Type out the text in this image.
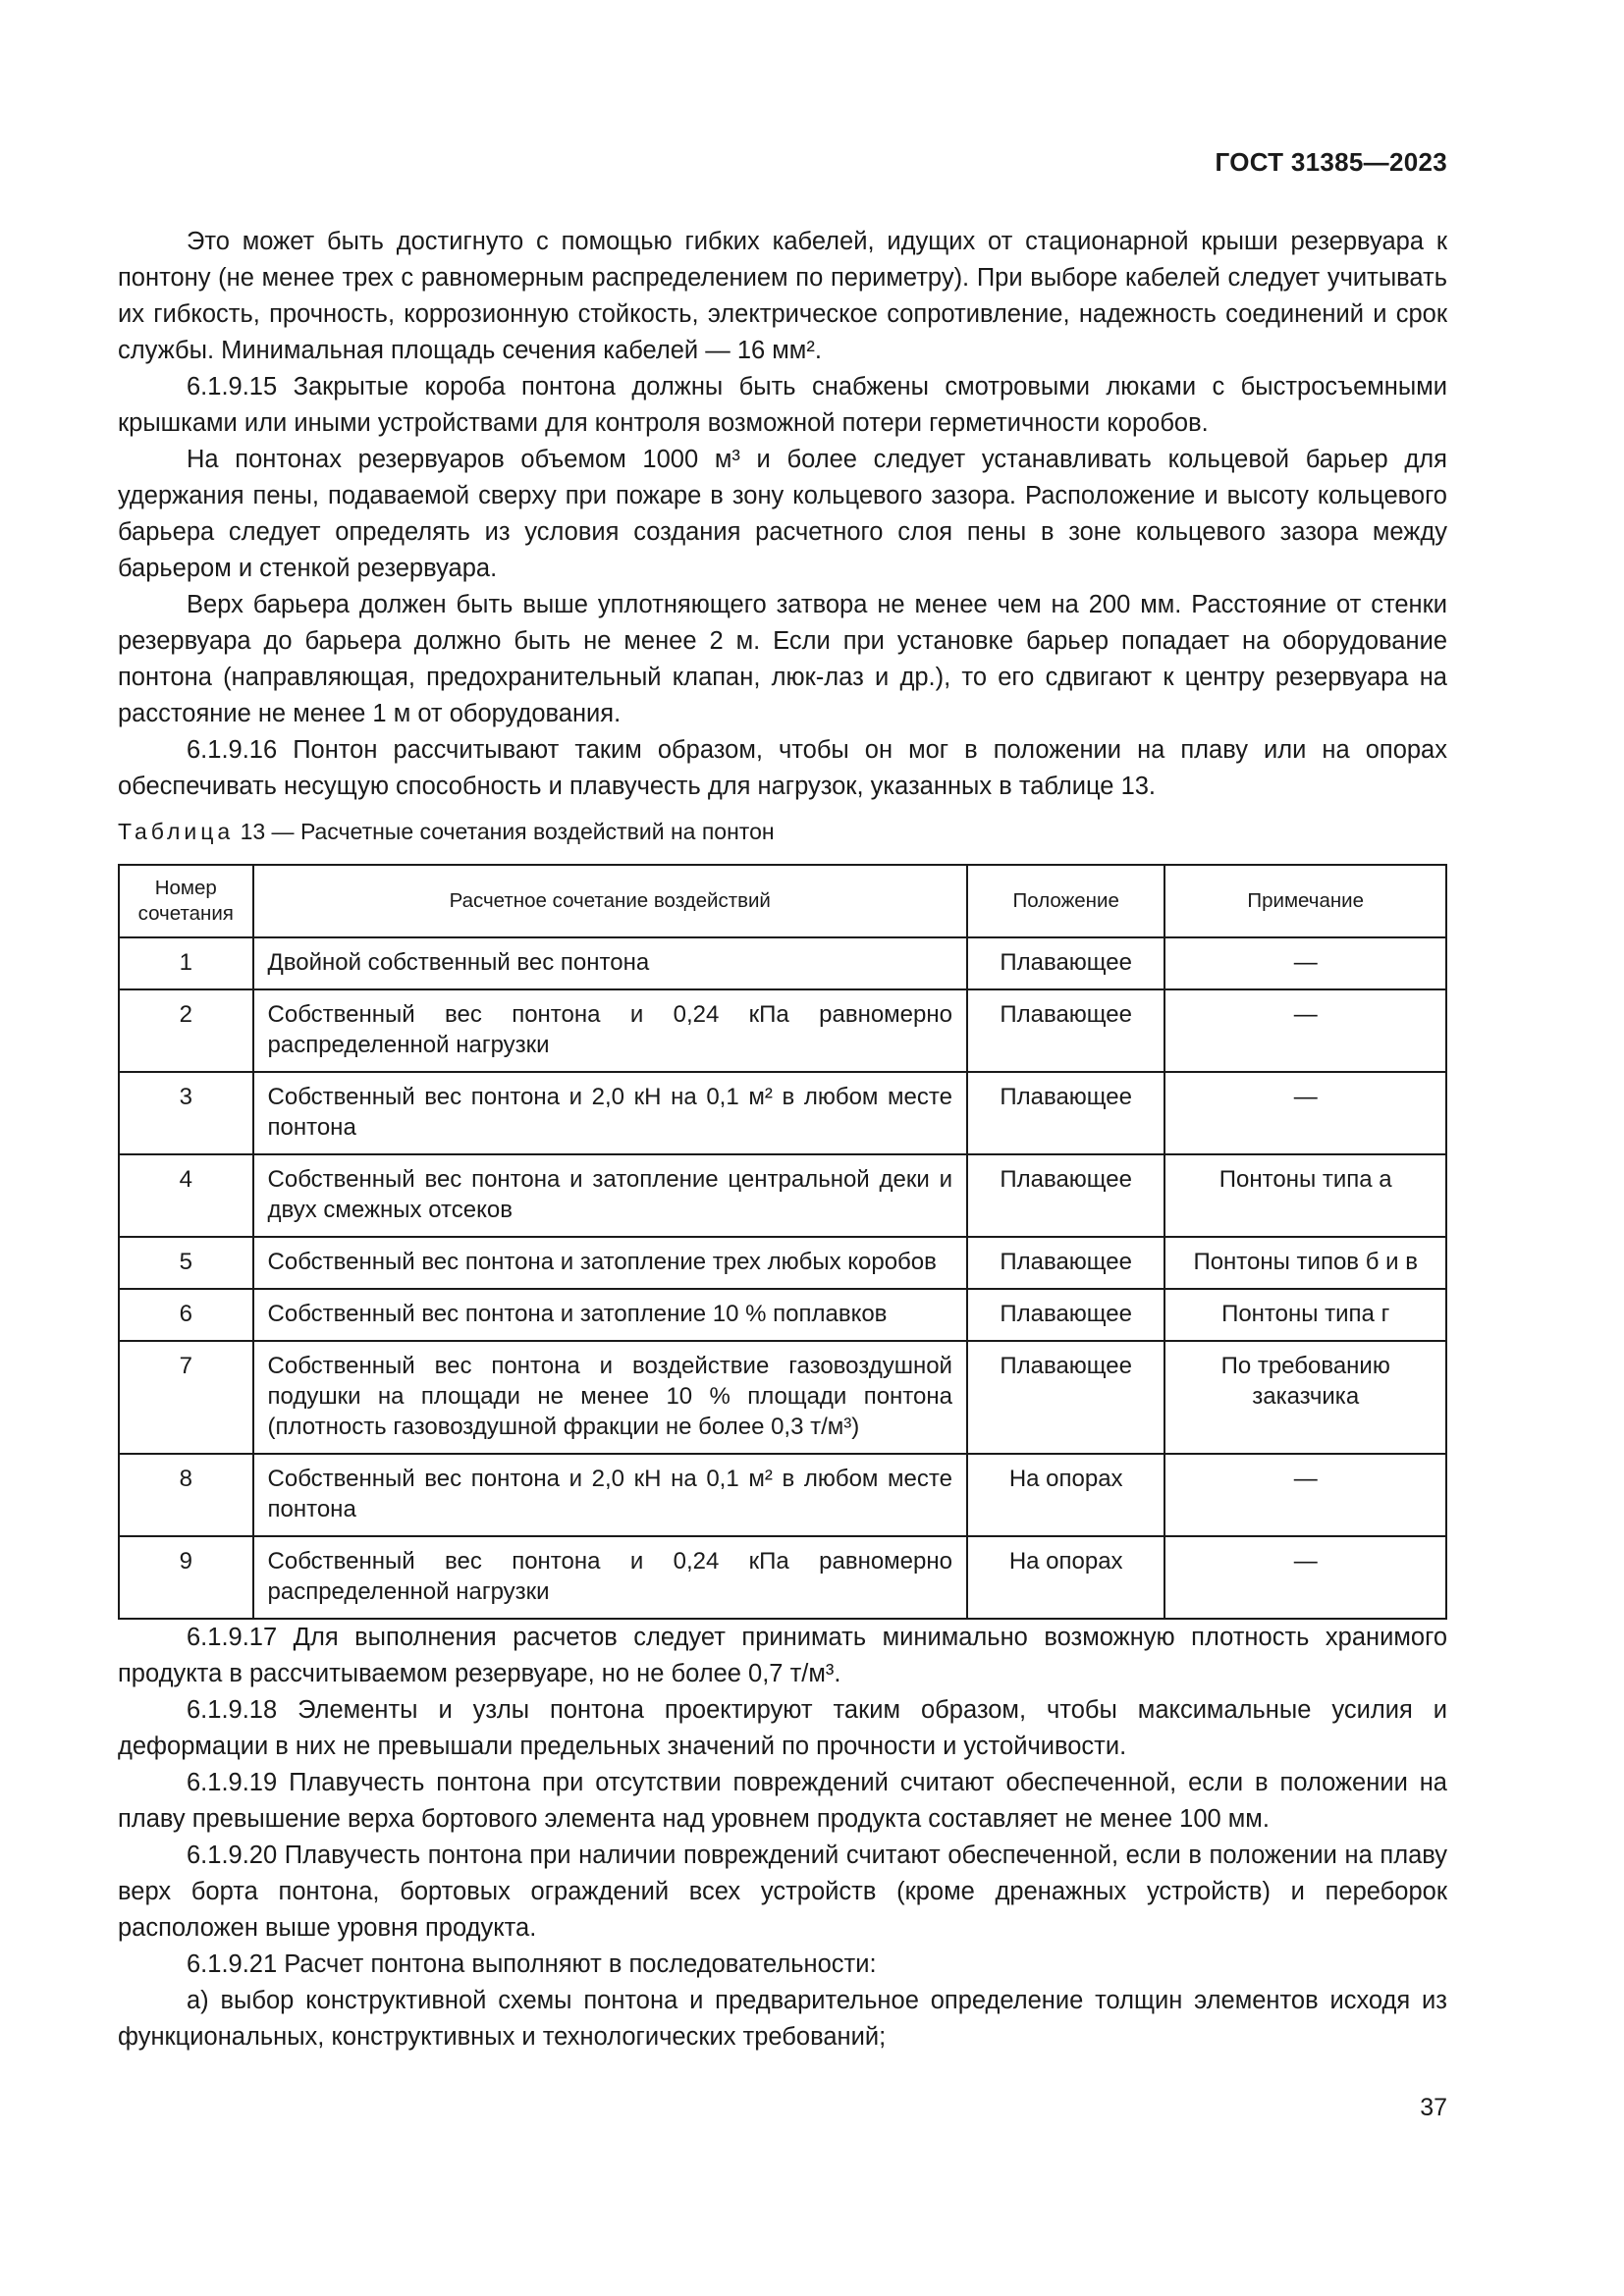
ГОСТ 31385—2023

Это может быть достигнуто с помощью гибких кабелей, идущих от стационарной крыши резервуара к понтону (не менее трех с равномерным распределением по периметру). При выборе кабелей следует учитывать их гибкость, прочность, коррозионную стойкость, электрическое сопротивление, надежность соединений и срок службы. Минимальная площадь сечения кабелей — 16 мм².

6.1.9.15 Закрытые короба понтона должны быть снабжены смотровыми люками с быстросъемными крышками или иными устройствами для контроля возможной потери герметичности коробов.

На понтонах резервуаров объемом 1000 м³ и более следует устанавливать кольцевой барьер для удержания пены, подаваемой сверху при пожаре в зону кольцевого зазора. Расположение и высоту кольцевого барьера следует определять из условия создания расчетного слоя пены в зоне кольцевого зазора между барьером и стенкой резервуара.

Верх барьера должен быть выше уплотняющего затвора не менее чем на 200 мм. Расстояние от стенки резервуара до барьера должно быть не менее 2 м. Если при установке барьер попадает на оборудование понтона (направляющая, предохранительный клапан, люк-лаз и др.), то его сдвигают к центру резервуара на расстояние не менее 1 м от оборудования.

6.1.9.16 Понтон рассчитывают таким образом, чтобы он мог в положении на плаву или на опорах обеспечивать несущую способность и плавучесть для нагрузок, указанных в таблице 13.

Таблица 13 — Расчетные сочетания воздействий на понтон
Номер сочетания	Расчетное сочетание воздействий	Положение	Примечание
1	Двойной собственный вес понтона	Плавающее	—
2	Собственный вес понтона и 0,24 кПа равномерно распределенной нагрузки	Плавающее	—
3	Собственный вес понтона и 2,0 кН на 0,1 м² в любом месте понтона	Плавающее	—
4	Собственный вес понтона и затопление центральной деки и двух смежных отсеков	Плавающее	Понтоны типа а
5	Собственный вес понтона и затопление трех любых коробов	Плавающее	Понтоны типов б и в
6	Собственный вес понтона и затопление 10 % поплавков	Плавающее	Понтоны типа г
7	Собственный вес понтона и воздействие газовоздушной подушки на площади не менее 10 % площади понтона (плотность газовоздушной фракции не более 0,3 т/м³)	Плавающее	По требованию заказчика
8	Собственный вес понтона и 2,0 кН на 0,1 м² в любом месте понтона	На опорах	—
9	Собственный вес понтона и 0,24 кПа равномерно распределенной нагрузки	На опорах	—

6.1.9.17 Для выполнения расчетов следует принимать минимально возможную плотность хранимого продукта в рассчитываемом резервуаре, но не более 0,7 т/м³.

6.1.9.18 Элементы и узлы понтона проектируют таким образом, чтобы максимальные усилия и деформации в них не превышали предельных значений по прочности и устойчивости.

6.1.9.19 Плавучесть понтона при отсутствии повреждений считают обеспеченной, если в положении на плаву превышение верха бортового элемента над уровнем продукта составляет не менее 100 мм.

6.1.9.20 Плавучесть понтона при наличии повреждений считают обеспеченной, если в положении на плаву верх борта понтона, бортовых ограждений всех устройств (кроме дренажных устройств) и переборок расположен выше уровня продукта.

6.1.9.21 Расчет понтона выполняют в последовательности:

а) выбор конструктивной схемы понтона и предварительное определение толщин элементов исходя из функциональных, конструктивных и технологических требований;

37
